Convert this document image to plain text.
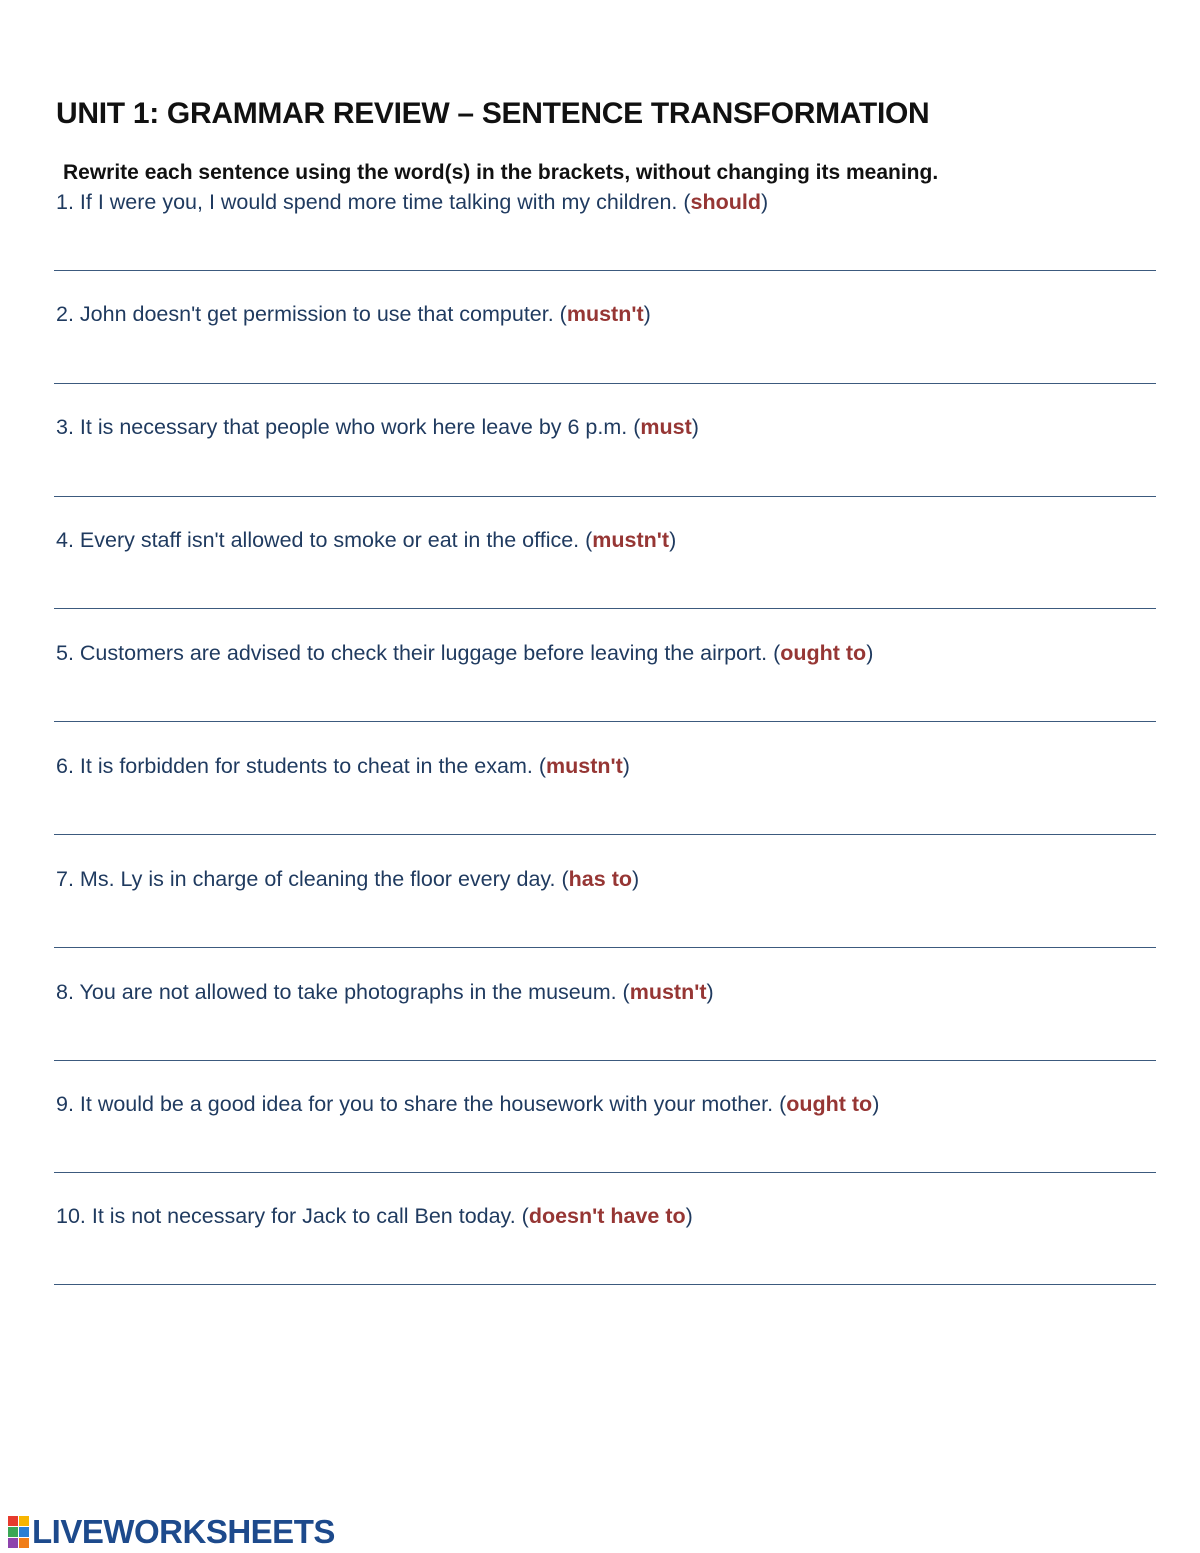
UNIT 1: GRAMMAR REVIEW – SENTENCE TRANSFORMATION
Rewrite each sentence using the word(s) in the brackets, without changing its meaning.
1. If I were you, I would spend more time talking with my children. (should)
2. John doesn't get permission to use that computer. (mustn't)
3. It is necessary that people who work here leave by 6 p.m. (must)
4. Every staff isn't allowed to smoke or eat in the office. (mustn't)
5. Customers are advised to check their luggage before leaving the airport. (ought to)
6. It is forbidden for students to cheat in the exam. (mustn't)
7. Ms. Ly is in charge of cleaning the floor every day. (has to)
8. You are not allowed to take photographs in the museum. (mustn't)
9. It would be a good idea for you to share the housework with your mother. (ought to)
10. It is not necessary for Jack to call Ben today. (doesn't have to)
LIVEWORKSHEETS
